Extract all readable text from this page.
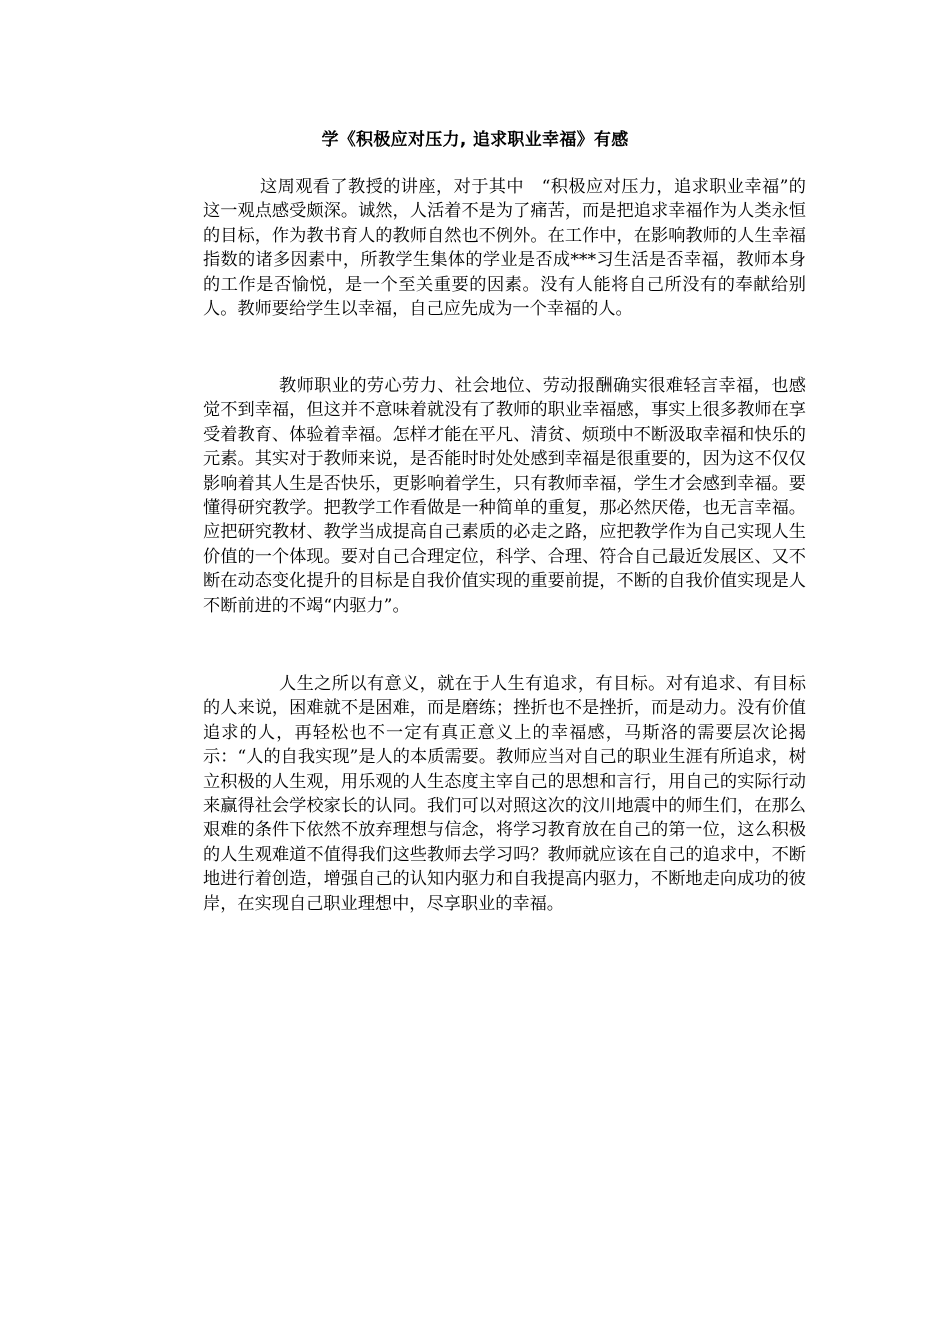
学《积极应对压力, 追求职业幸福》有感

这周观看了教授的讲座，对于其中　“积极应对压力，追求职业幸福”的这一观点感受颇深。诚然，人活着不是为了痛苦，而是把追求幸福作为人类永恒的目标，作为教书育人的教师自然也不例外。在工作中，在影响教师的人生幸福指数的诸多因素中，所教学生集体的学业是否成***习生活是否幸福，教师本身的工作是否愉悦，是一个至关重要的因素。没有人能将自己所没有的奉献给别人。教师要给学生以幸福，自己应先成为一个幸福的人。

教师职业的劳心劳力、社会地位、劳动报酬确实很难轻言幸福，也感觉不到幸福，但这并不意味着就没有了教师的职业幸福感，事实上很多教师在享受着教育、体验着幸福。怎样才能在平凡、清贫、烦琐中不断汲取幸福和快乐的元素。其实对于教师来说，是否能时时处处感到幸福是很重要的，因为这不仅仅影响着其人生是否快乐，更影响着学生，只有教师幸福，学生才会感到幸福。要懂得研究教学。把教学工作看做是一种简单的重复，那必然厌倦，也无言幸福。应把研究教材、教学当成提高自己素质的必走之路，应把教学作为自己实现人生价值的一个体现。要对自己合理定位，科学、合理、符合自己最近发展区、又不断在动态变化提升的目标是自我价值实现的重要前提，不断的自我价值实现是人不断前进的不竭“内驱力”。

人生之所以有意义，就在于人生有追求，有目标。对有追求、有目标的人来说，困难就不是困难，而是磨练；挫折也不是挫折，而是动力。没有价值追求的人，再轻松也不一定有真正意义上的幸福感，马斯洛的需要层次论揭示：“人的自我实现”是人的本质需要。教师应当对自己的职业生涯有所追求，树立积极的人生观，用乐观的人生态度主宰自己的思想和言行，用自己的实际行动来赢得社会学校家长的认同。我们可以对照这次的汶川地震中的师生们，在那么艰难的条件下依然不放弃理想与信念，将学习教育放在自己的第一位，这么积极的人生观难道不值得我们这些教师去学习吗？教师就应该在自己的追求中，不断地进行着创造，增强自己的认知内驱力和自我提高内驱力，不断地走向成功的彼岸，在实现自己职业理想中，尽享职业的幸福。
